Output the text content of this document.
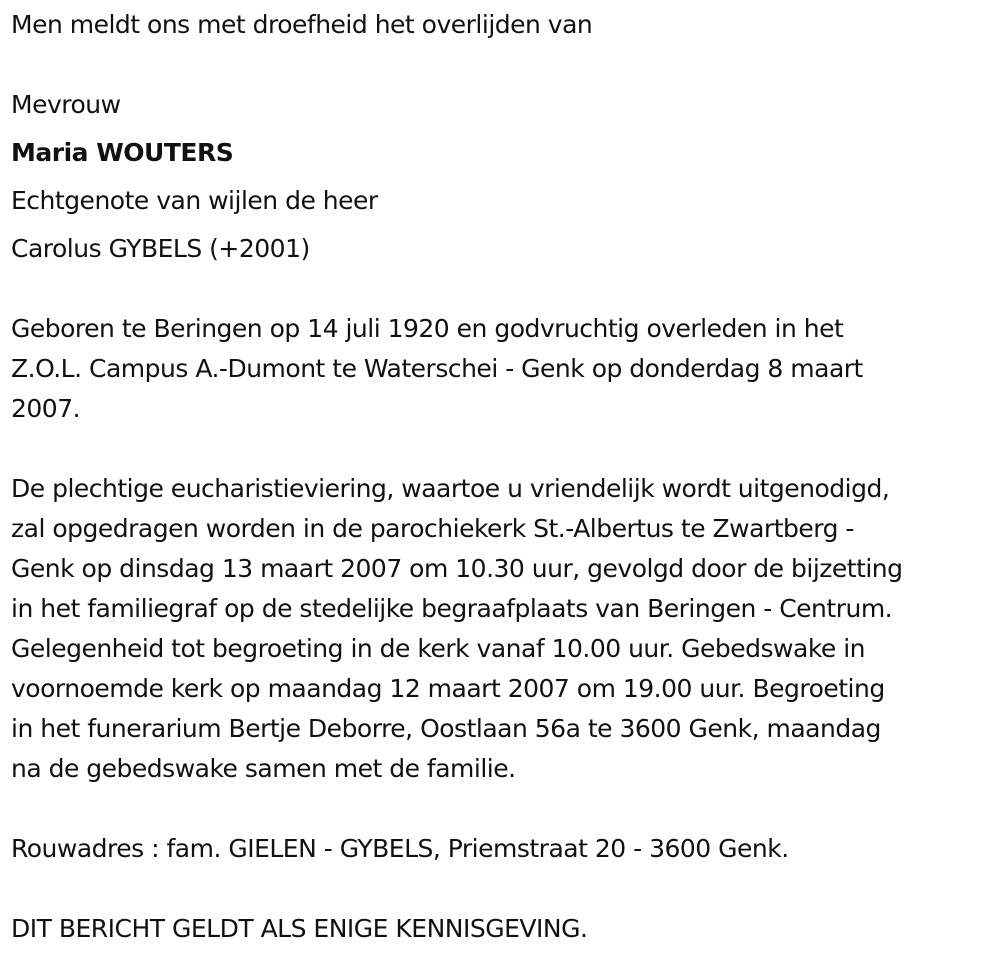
Men meldt ons met droefheid het overlijden van
Mevrouw
Maria WOUTERS
Echtgenote van wijlen de heer
Carolus GYBELS (+2001)
Geboren te Beringen op 14 juli 1920 en godvruchtig overleden in het
Z.O.L. Campus A.-Dumont te Waterschei - Genk op donderdag 8 maart
2007.
De plechtige eucharistieviering, waartoe u vriendelijk wordt uitgenodigd,
zal opgedragen worden in de parochiekerk St.-Albertus te Zwartberg -
Genk op dinsdag 13 maart 2007 om 10.30 uur, gevolgd door de bijzetting
in het familiegraf op de stedelijke begraafplaats van Beringen - Centrum.
Gelegenheid tot begroeting in de kerk vanaf 10.00 uur. Gebedswake in
voornoemde kerk op maandag 12 maart 2007 om 19.00 uur. Begroeting
in het funerarium Bertje Deborre, Oostlaan 56a te 3600 Genk, maandag
na de gebedswake samen met de familie.
Rouwadres : fam. GIELEN - GYBELS, Priemstraat 20 - 3600 Genk.
DIT BERICHT GELDT ALS ENIGE KENNISGEVING.
